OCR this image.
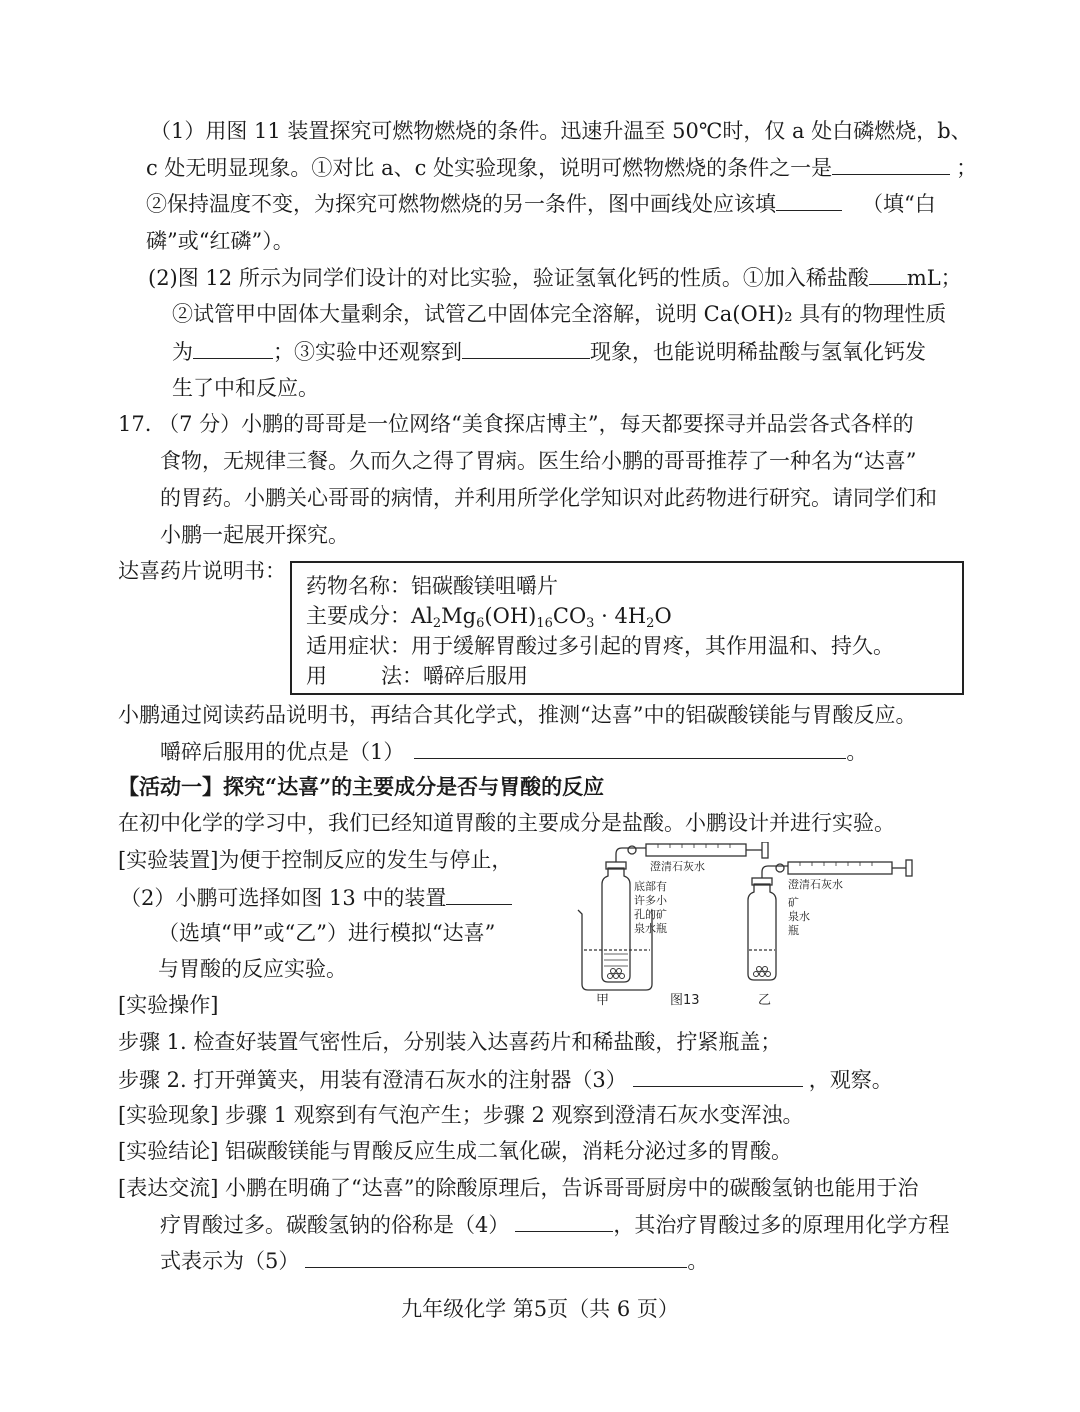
（1）用图 11 装置探究可燃物燃烧的条件。迅速升温至 50℃时，仅 a 处白磷燃烧，b、
c 处无明显现象。①对比 a、c 处实验现象，说明可燃物燃烧的条件之一是	；
②保持温度不变，为探究可燃物燃烧的另一条件，图中画线处应该填	（填“白
磷”或“红磷”）。
(2)图 12 所示为同学们设计的对比实验，验证氢氧化钙的性质。①加入稀盐酸 mL；
②试管甲中固体大量剩余，试管乙中固体完全溶解，说明 Ca(OH)₂ 具有的物理性质
为	；③实验中还观察到	现象，也能说明稀盐酸与氢氧化钙发
生了中和反应。
17. （7 分）小鹏的哥哥是一位网络“美食探店博主”，每天都要探寻并品尝各式各样的
食物，无规律三餐。久而久之得了胃病。医生给小鹏的哥哥推荐了一种名为“达喜”
的胃药。小鹏关心哥哥的病情，并利用所学化学知识对此药物进行研究。请同学们和
小鹏一起展开探究。
达喜药片说明书：
药物名称：铝碳酸镁咀嚼片
主要成分：$Al_2Mg_6(OH)_{16}CO_3 \cdot 4H_2O$
适用症状：用于缓解胃酸过多引起的胃疼，其作用温和、持久。
用	法：嚼碎后服用
小鹏通过阅读药品说明书，再结合其化学式，推测“达喜”中的铝碳酸镁能与胃酸反应。
嚼碎后服用的优点是（1）	。
【活动一】探究“达喜”的主要成分是否与胃酸的反应
在初中化学的学习中，我们已经知道胃酸的主要成分是盐酸。小鹏设计并进行实验。
[实验装置]为便于控制反应的发生与停止，
（2）小鹏可选择如图 13 中的装置
（选填“甲”或“乙”）进行模拟“达喜”
与胃酸的反应实验。
[实验操作]
步骤 1. 检查好装置气密性后，分别装入达喜药片和稀盐酸，拧紧瓶盖；
步骤 2. 打开弹簧夹，用装有澄清石灰水的注射器（3）	，观察。
[实验现象] 步骤 1 观察到有气泡产生；步骤 2 观察到澄清石灰水变浑浊。
[实验结论] 铝碳酸镁能与胃酸反应生成二氧化碳，消耗分泌过多的胃酸。
[表达交流] 小鹏在明确了“达喜”的除酸原理后，告诉哥哥厨房中的碳酸氢钠也能用于治
疗胃酸过多。碳酸氢钠的俗称是（4）	，其治疗胃酸过多的原理用化学方程
式表示为（5）	。
澄清石灰水
底部有
许多小
孔的矿
泉水瓶
澄清石灰水
矿
泉水
瓶
甲	图13	乙
九年级化学 第5页（共 6 页）
